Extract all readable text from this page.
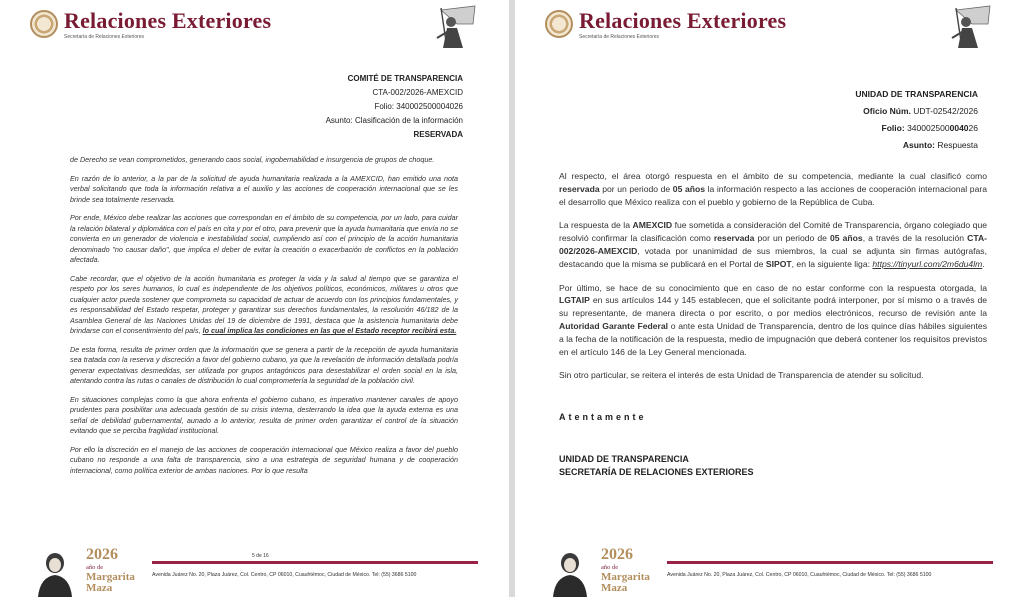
Relaciones Exteriores
Secretaría de Relaciones Exteriores
COMITÉ DE TRANSPARENCIA
CTA-002/2026-AMEXCID
Folio: 340002500004026
Asunto: Clasificación de la información
RESERVADA

de Derecho se vean comprometidos, generando caos social, ingobernabilidad e insurgencia de grupos de choque.

En razón de lo anterior, a la par de la solicitud de ayuda humanitaria realizada a la AMEXCID, han emitido una nota verbal solicitando que toda la información relativa a el auxilio y las acciones de cooperación internacional que se les brinde sea totalmente reservada.

Por ende, México debe realizar las acciones que correspondan en el ámbito de su competencia, por un lado, para cuidar la relación bilateral y diplomática con el país en cita y por el otro, para prevenir que la ayuda humanitaria que envía no se convierta en un generador de violencia e inestabilidad social, cumpliendo así con el principio de la acción humanitaria denominado "no causar daño", que implica el deber de evitar la creación o exacerbación de conflictos en la población afectada.

Cabe recordar, que el objetivo de la acción humanitaria es proteger la vida y la salud al tiempo que se garantiza el respeto por los seres humanos, lo cual es independiente de los objetivos políticos, económicos, militares u otros que cualquier actor pueda sostener que comprometa su capacidad de actuar de acuerdo con los principios fundamentales, y es responsabilidad del Estado respetar, proteger y garantizar sus derechos fundamentales, la resolución 46/182 de la Asamblea General de las Naciones Unidas del 19 de diciembre de 1991, destaca que la asistencia humanitaria debe brindarse con el consentimiento del país, lo cual implica las condiciones en las que el Estado receptor recibirá esta.

De esta forma, resulta de primer orden que la información que se genera a partir de la recepción de ayuda humanitaria sea tratada con la reserva y discreción a favor del gobierno cubano, ya que la revelación de información detallada podría generar expectativas desmedidas, ser utilizada por grupos antagónicos para desestabilizar el orden social en la isla, atentando contra las rutas o canales de distribución lo cual comprometería la seguridad de la población civil.

En situaciones complejas como la que ahora enfrenta el gobierno cubano, es imperativo mantener canales de apoyo prudentes para posibilitar una adecuada gestión de su crisis interna, desterrando la idea que la ayuda externa es una señal de debilidad gubernamental, aunado a lo anterior, resulta de primer orden garantizar el control de la situación evitando que se perciba fragilidad institucional.

Por ello la discreción en el manejo de las acciones de cooperación internacional que México realiza a favor del pueblo cubano no responde a una falta de transparencia, sino a una estrategia de seguridad humana y de cooperación internacional, como política exterior de ambas naciones. Por lo que resulta

2026
año de
Margarita
Maza
5 de 16
Avenida Juárez No. 20, Plaza Juárez, Col. Centro, CP 06010, Cuauhtémoc, Ciudad de México. Tel: (55) 3686 5100
Relaciones Exteriores
Secretaría de Relaciones Exteriores
UNIDAD DE TRANSPARENCIA
Oficio Núm. UDT-02542/2026
Folio: 340002500004026
Asunto: Respuesta

Al respecto, el área otorgó respuesta en el ámbito de su competencia, mediante la cual clasificó como reservada por un periodo de 05 años la información respecto a las acciones de cooperación internacional para el desarrollo que México realiza con el pueblo y gobierno de la República de Cuba.

La respuesta de la AMEXCID fue sometida a consideración del Comité de Transparencia, órgano colegiado que resolvió confirmar la clasificación como reservada por un periodo de 05 años, a través de la resolución CTA-002/2026-AMEXCID, votada por unanimidad de sus miembros, la cual se adjunta sin firmas autógrafas, destacando que la misma se publicará en el Portal de SIPOT, en la siguiente liga: https://tinyurl.com/2m6du4lm.

Por último, se hace de su conocimiento que en caso de no estar conforme con la respuesta otorgada, la LGTAIP en sus artículos 144 y 145 establecen, que el solicitante podrá interponer, por sí mismo o a través de su representante, de manera directa o por escrito, o por medios electrónicos, recurso de revisión ante la Autoridad Garante Federal o ante esta Unidad de Transparencia, dentro de los quince días hábiles siguientes a la fecha de la notificación de la respuesta, medio de impugnación que deberá contener los requisitos previstos en el artículo 146 de la Ley General mencionada.

Sin otro particular, se reitera el interés de esta Unidad de Transparencia de atender su solicitud.

Atentamente
UNIDAD DE TRANSPARENCIA
SECRETARÍA DE RELACIONES EXTERIORES
2026
año de
Margarita
Maza
Avenida Juárez No. 20, Plaza Juárez, Col. Centro, CP 06010, Cuauhtémoc, Ciudad de México. Tel: (55) 3686 5100
